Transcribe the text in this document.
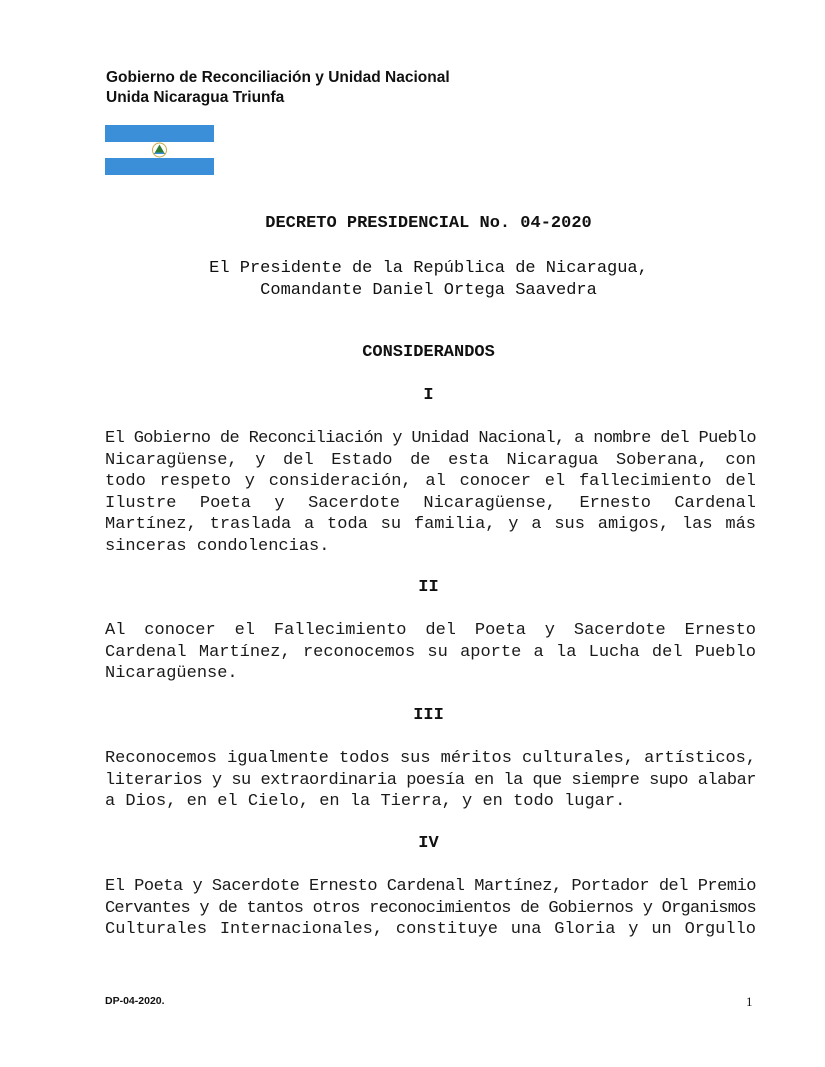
Gobierno de Reconciliación y Unidad Nacional
Unida Nicaragua Triunfa
DECRETO PRESIDENCIAL No. 04-2020
El Presidente de la República de Nicaragua,
Comandante Daniel Ortega Saavedra
CONSIDERANDOS
I
El Gobierno de Reconciliación y Unidad Nacional, a nombre del Pueblo
Nicaragüense, y del Estado de esta Nicaragua Soberana, con
todo respeto y consideración, al conocer el fallecimiento del
Ilustre Poeta y Sacerdote Nicaragüense, Ernesto Cardenal
Martínez, traslada a toda su familia, y a sus amigos, las más
sinceras condolencias.
II
Al conocer el Fallecimiento del Poeta y Sacerdote Ernesto
Cardenal Martínez, reconocemos su aporte a la Lucha del Pueblo
Nicaragüense.
III
Reconocemos igualmente todos sus méritos culturales, artísticos,
literarios y su extraordinaria poesía en la que siempre supo alabar
a Dios, en el Cielo, en la Tierra, y en todo lugar.
IV
El Poeta y Sacerdote Ernesto Cardenal Martínez, Portador del Premio
Cervantes y de tantos otros reconocimientos de Gobiernos y Organismos
Culturales Internacionales, constituye una Gloria y un Orgullo
DP-04-2020.	1
